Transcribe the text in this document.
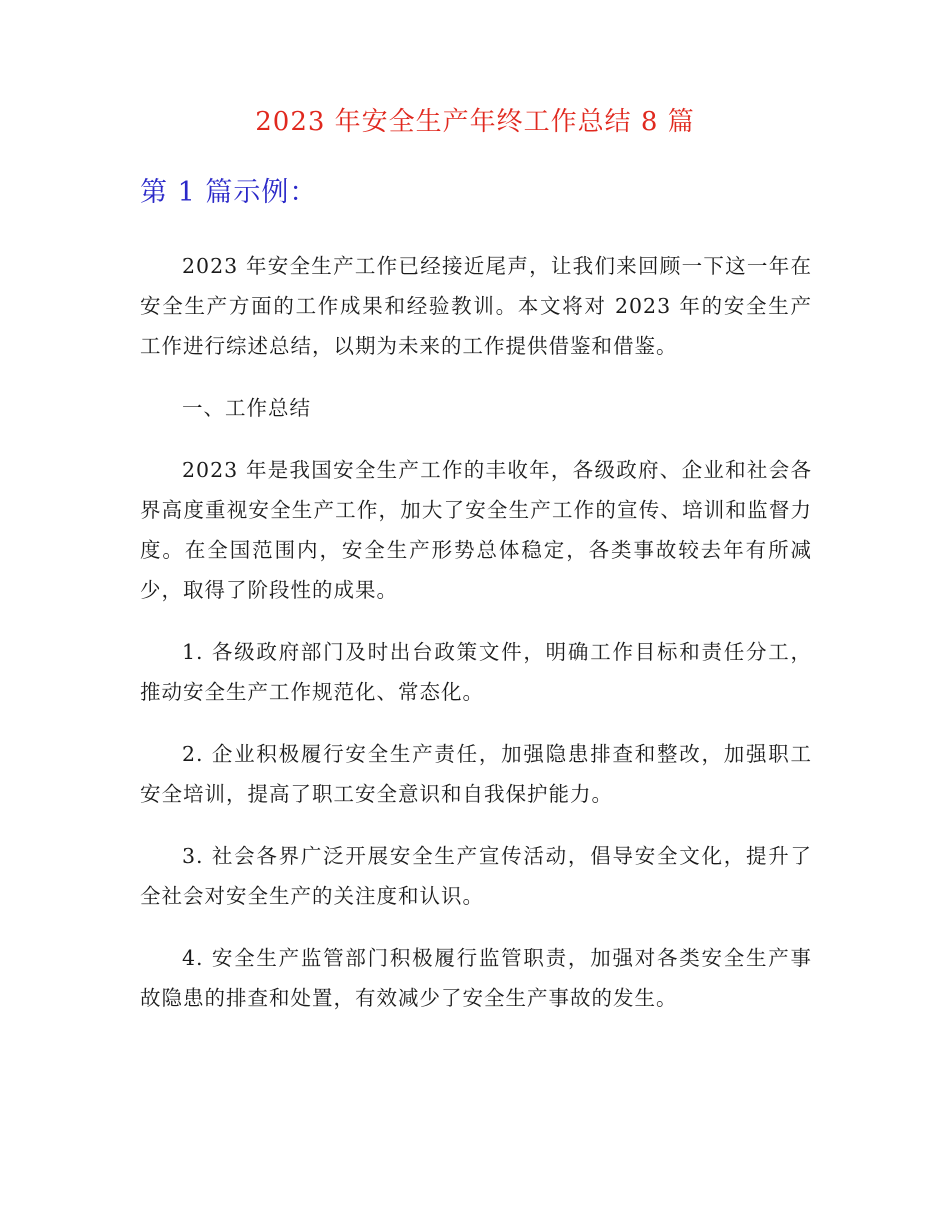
2023 年安全生产年终工作总结 8 篇
第 1 篇示例：

2023 年安全生产工作已经接近尾声，让我们来回顾一下这一年在安全生产方面的工作成果和经验教训。本文将对 2023 年的安全生产工作进行综述总结，以期为未来的工作提供借鉴和借鉴。

一、工作总结

2023 年是我国安全生产工作的丰收年，各级政府、企业和社会各界高度重视安全生产工作，加大了安全生产工作的宣传、培训和监督力度。在全国范围内，安全生产形势总体稳定，各类事故较去年有所减少，取得了阶段性的成果。

1. 各级政府部门及时出台政策文件，明确工作目标和责任分工，推动安全生产工作规范化、常态化。

2. 企业积极履行安全生产责任，加强隐患排查和整改，加强职工安全培训，提高了职工安全意识和自我保护能力。

3. 社会各界广泛开展安全生产宣传活动，倡导安全文化，提升了全社会对安全生产的关注度和认识。

4. 安全生产监管部门积极履行监管职责，加强对各类安全生产事故隐患的排查和处置，有效减少了安全生产事故的发生。
